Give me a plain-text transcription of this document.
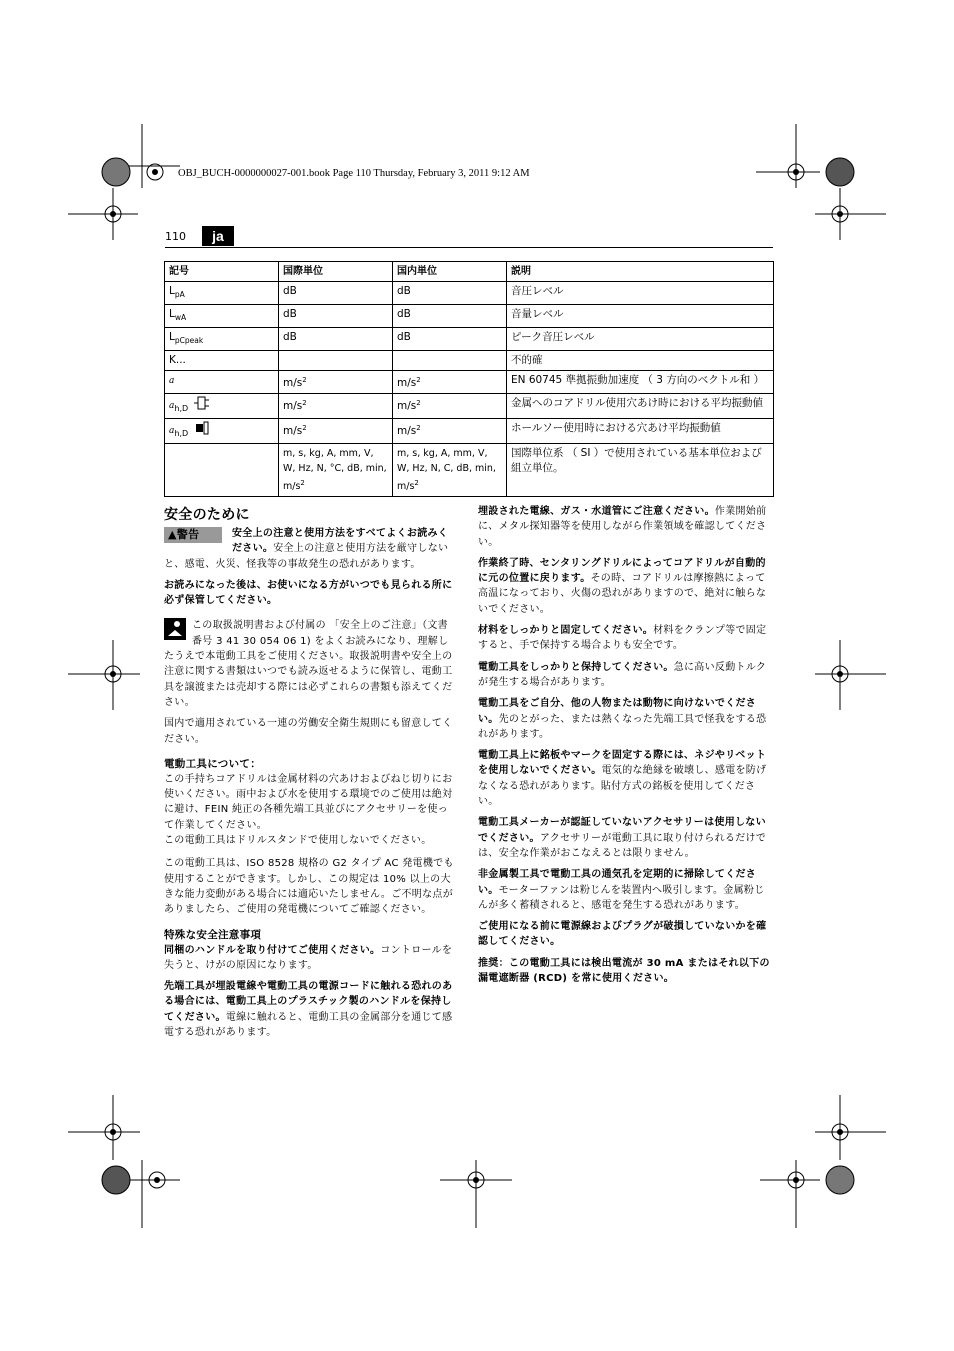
OBJ_BUCH-0000000027-001.book Page 110 Thursday, February 3, 2011 9:12 AM
110	ja
記号	国際単位	国内単位	説明
$L_{pA}$	dB	dB	音圧レベル
$L_{wA}$	dB	dB	音量レベル
$L_{pCpeak}$	dB	dB	ピーク音圧レベル
K...			不的確
a	$m/s^2$	$m/s^2$	EN 60745 準拠振動加速度 （ 3 方向のベクトル和 ）
$a_{h,D}$	$m/s^2$	$m/s^2$	金属へのコアドリル使用穴あけ時における平均振動値
$a_{h,D}$	$m/s^2$	$m/s^2$	ホールソー使用時における穴あけ平均振動値
	m, s, kg, A, mm, V, W, Hz, N, °C, dB, min, $m/s^2$	m, s, kg, A, mm, V, W, Hz, N, C, dB, min, $m/s^2$	国際単位系 （ SI ）で使用されている基本単位および組立単位。
安全のために

▲警告	安全上の注意と使用方法をすべてよくお読みください。安全上の注意と使用方法を厳守しないと、感電、火災、怪我等の事故発生の恐れがあります。

お読みになった後は、お使いになる方がいつでも見られる所に必ず保管してください。

この取扱説明書および付属の 「安全上のご注意」（文書番号 3 41 30 054 06 1) をよくお読みになり、理解したうえで本電動工具をご使用ください。取扱説明書や安全上の注意に関する書類はいつでも読み返せるように保管し、電動工具を譲渡または売却する際には必ずこれらの書類も添えてください。

国内で適用されている一連の労働安全衛生規則にも留意してください。

電動工具について：

この手持ちコアドリルは金属材料の穴あけおよびねじ切りにお使いください。雨中および水を使用する環境でのご使用は絶対に避け、FEIN 純正の各種先端工具並びにアクセサリーを使って作業してください。

この電動工具はドリルスタンドで使用しないでください。

この電動工具は、ISO 8528 規格の G2 タイプ AC 発電機でも使用することができます。しかし、この規定は 10% 以上の大きな能力変動がある場合には適応いたしません。ご不明な点がありましたら、ご使用の発電機についてご確認ください。

特殊な安全注意事項

同梱のハンドルを取り付けてご使用ください。コントロールを失うと、けがの原因になります。

先端工具が埋設電線や電動工具の電源コードに触れる恐れのある場合には、電動工具上のプラスチック製のハンドルを保持してください。電線に触れると、電動工具の金属部分を通じて感電する恐れがあります。

埋設された電線、ガス・水道管にご注意ください。作業開始前に、メタル探知器等を使用しながら作業領域を確認してください。

作業終了時、センタリングドリルによってコアドリルが自動的に元の位置に戻ります。その時、コアドリルは摩擦熱によって高温になっており、火傷の恐れがありますので、絶対に触らないでください。

材料をしっかりと固定してください。材料をクランプ等で固定すると、手で保持する場合よりも安全です。

電動工具をしっかりと保持してください。急に高い反動トルクが発生する場合があります。

電動工具をご自分、他の人物または動物に向けないでください。先のとがった、または熱くなった先端工具で怪我をする恐れがあります。

電動工具上に銘板やマークを固定する際には、ネジやリベットを使用しないでください。電気的な絶縁を破壊し、感電を防げなくなる恐れがあります。貼付方式の銘板を使用してください。

電動工具メーカーが認証していないアクセサリーは使用しないでください。アクセサリーが電動工具に取り付けられるだけでは、安全な作業がおこなえるとは限りません。

非金属製工具で電動工具の通気孔を定期的に掃除してください。モーターファンは粉じんを装置内へ吸引します。金属粉じんが多く蓄積されると、感電を発生する恐れがあります。

ご使用になる前に電源線およびプラグが破損していないかを確認してください。

推奨：この電動工具には検出電流が 30 mA またはそれ以下の漏電遮断器 (RCD) を常に使用ください。
